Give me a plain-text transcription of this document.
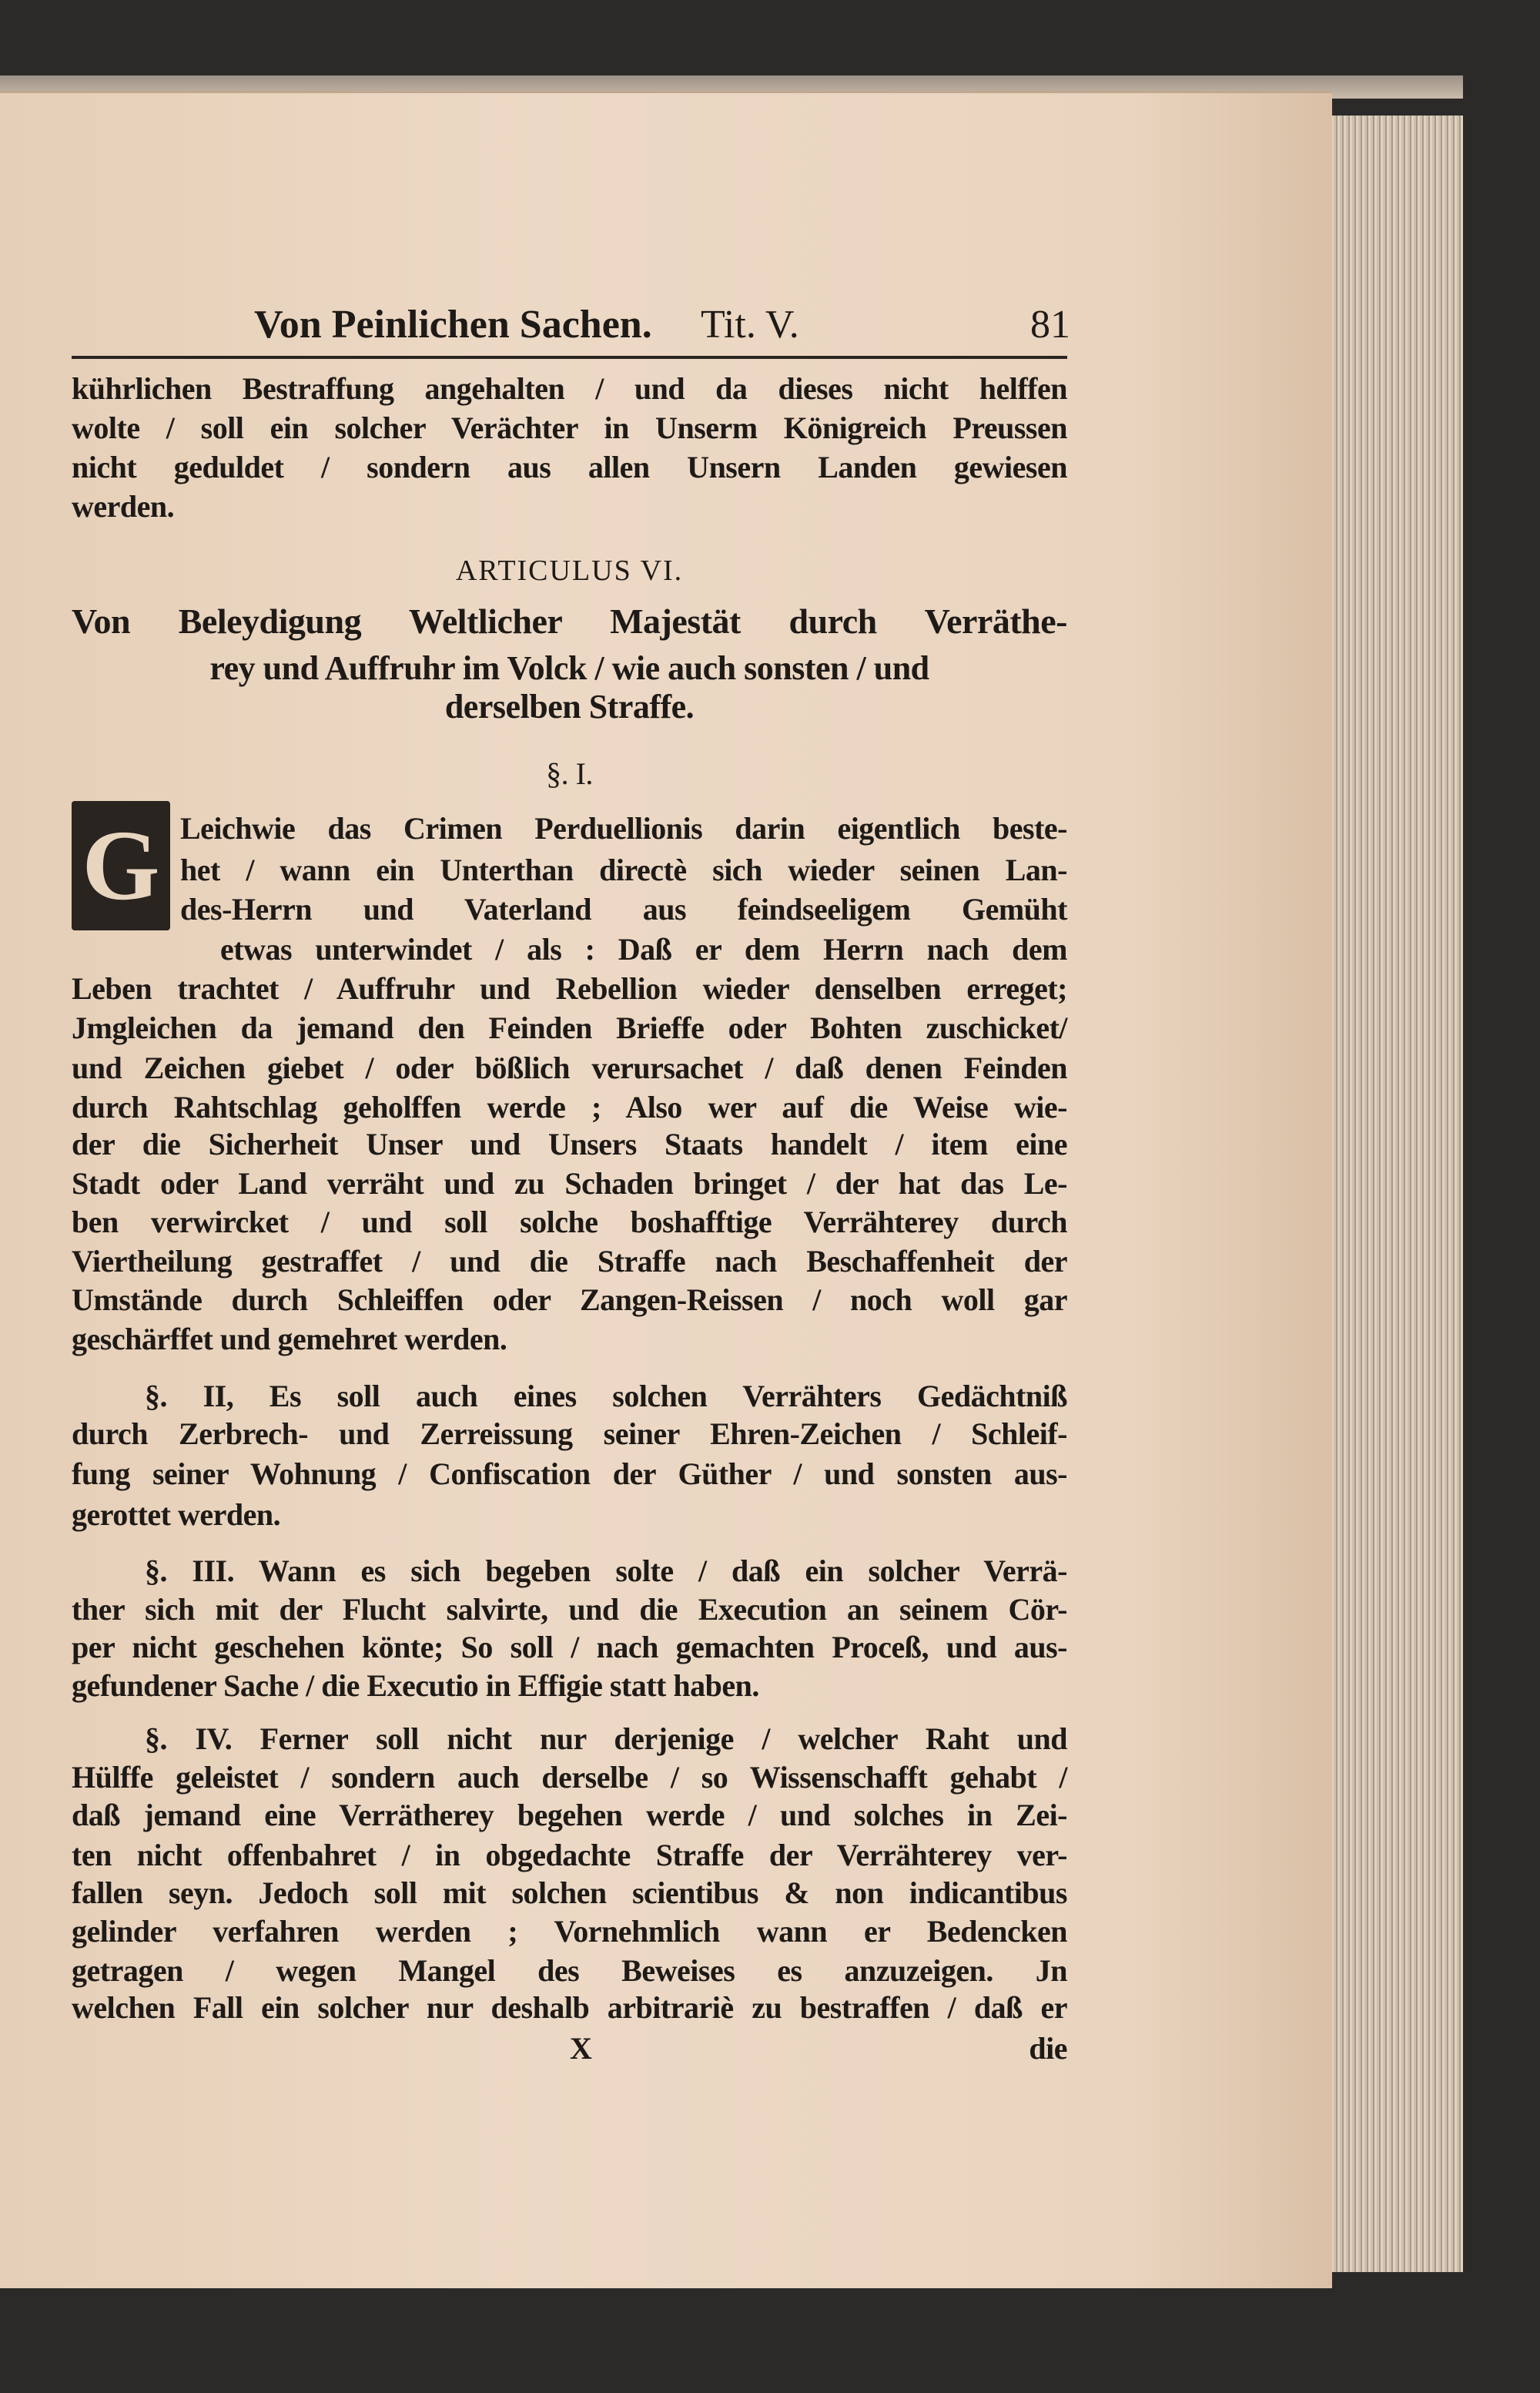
Von Peinlichen Sachen. Tit. V.	81
kührlichen Bestraffung angehalten / und da dieses nicht helffen
wolte / soll ein solcher Verächter in Unserm Königreich Preussen
nicht geduldet / sondern aus allen Unsern Landen gewiesen
werden.
ARTICULUS VI.
Von Beleydigung Weltlicher Majestät durch Verräthe-
rey und Auffruhr im Volck / wie auch sonsten / und
derselben Straffe.
§. I.
G Leichwie das Crimen Perduellionis darin eigentlich beste-
het / wann ein Unterthan directè sich wieder seinen Lan-
des-Herrn und Vaterland aus feindseeligem Gemüht
etwas unterwindet / als : Daß er dem Herrn nach dem
Leben trachtet / Auffruhr und Rebellion wieder denselben erreget;
Jmgleichen da jemand den Feinden Brieffe oder Bohten zuschicket/
und Zeichen giebet / oder bößlich verursachet / daß denen Feinden
durch Rahtschlag geholffen werde ; Also wer auf die Weise wie-
der die Sicherheit Unser und Unsers Staats handelt / item eine
Stadt oder Land verräht und zu Schaden bringet / der hat das Le-
ben verwircket / und soll solche boshafftige Verrähterey durch
Viertheilung gestraffet / und die Straffe nach Beschaffenheit der
Umstände durch Schleiffen oder Zangen-Reissen / noch woll gar
geschärffet und gemehret werden.
§. II, Es soll auch eines solchen Verrähters Gedächtniß
durch Zerbrech- und Zerreissung seiner Ehren-Zeichen / Schleif-
fung seiner Wohnung / Confiscation der Güther / und sonsten aus-
gerottet werden.
§. III. Wann es sich begeben solte / daß ein solcher Verrä-
ther sich mit der Flucht salvirte, und die Execution an seinem Cör-
per nicht geschehen könte; So soll / nach gemachten Proceß, und aus-
gefundener Sache / die Executio in Effigie statt haben.
§. IV. Ferner soll nicht nur derjenige / welcher Raht und
Hülffe geleistet / sondern auch derselbe / so Wissenschafft gehabt /
daß jemand eine Verrätherey begehen werde / und solches in Zei-
ten nicht offenbahret / in obgedachte Straffe der Verrähterey ver-
fallen seyn. Jedoch soll mit solchen scientibus & non indicantibus
gelinder verfahren werden ; Vornehmlich wann er Bedencken
getragen / wegen Mangel des Beweises es anzuzeigen. Jn
welchen Fall ein solcher nur deshalb arbitrariè zu bestraffen / daß er
X	die
